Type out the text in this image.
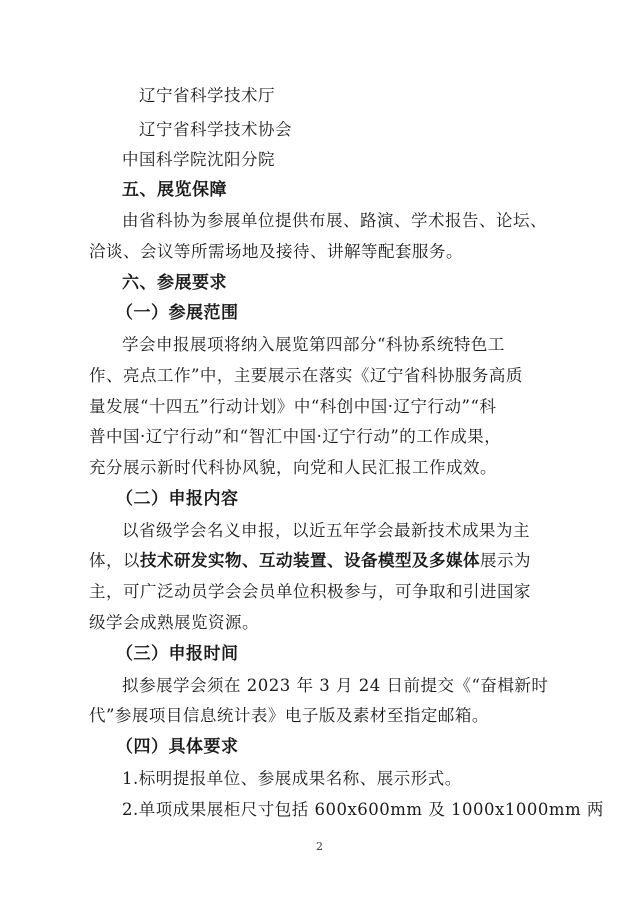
辽宁省科学技术厅
辽宁省科学技术协会
中国科学院沈阳分院
五、展览保障
由省科协为参展单位提供布展、路演、学术报告、论坛、
洽谈、会议等所需场地及接待、讲解等配套服务。
六、参展要求
（一）参展范围
学会申报展项将纳入展览第四部分“科协系统特色工
作、亮点工作”中，主要展示在落实《辽宁省科协服务高质
量发展“十四五”行动计划》中“科创中国·辽宁行动”“科
普中国·辽宁行动”和“智汇中国·辽宁行动”的工作成果，
充分展示新时代科协风貌，向党和人民汇报工作成效。
（二）申报内容
以省级学会名义申报，以近五年学会最新技术成果为主
体，以技术研发实物、互动装置、设备模型及多媒体展示为
主，可广泛动员学会会员单位积极参与，可争取和引进国家
级学会成熟展览资源。
（三）申报时间
拟参展学会须在 2023 年 3 月 24 日前提交《“奋楫新时
代”参展项目信息统计表》电子版及素材至指定邮箱。
（四）具体要求
1.标明提报单位、参展成果名称、展示形式。
2.单项成果展柜尺寸包括 600x600mm 及 1000x1000mm 两
2
